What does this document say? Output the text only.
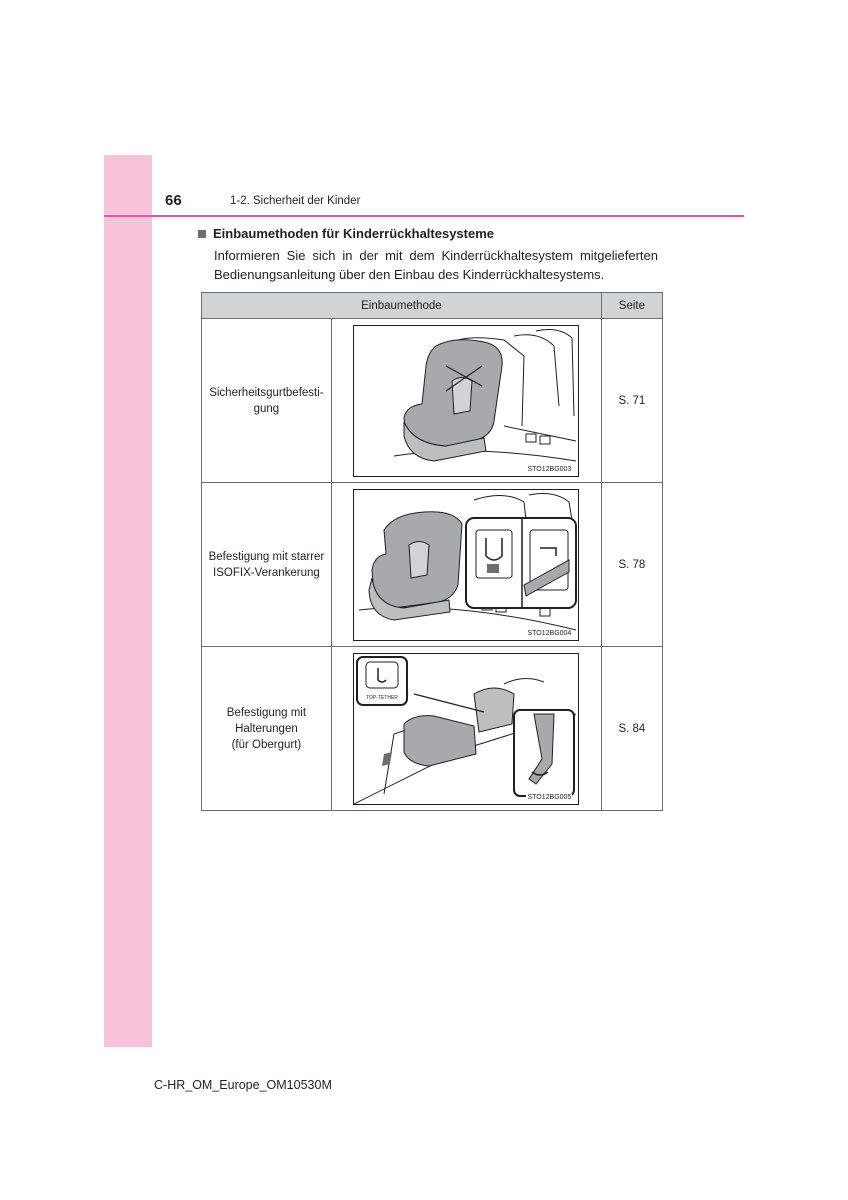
66	1-2. Sicherheit der Kinder
Einbaumethoden für Kinderrückhaltesysteme
Informieren Sie sich in der mit dem Kinderrückhaltesystem mitgelieferten Bedienungsanleitung über den Einbau des Kinderrückhaltesystems.
Einbaumethode		Seite

Sicherheitsgurtbefesti-
gung	STO12BG003	S. 71

Befestigung mit starrer
ISOFIX-Verankerung	STO12BG004	S. 78

Befestigung mit
Halterungen
(für Obergurt)	TOP-TETHER
STO12BG005	S. 84
C-HR_OM_Europe_OM10530M
